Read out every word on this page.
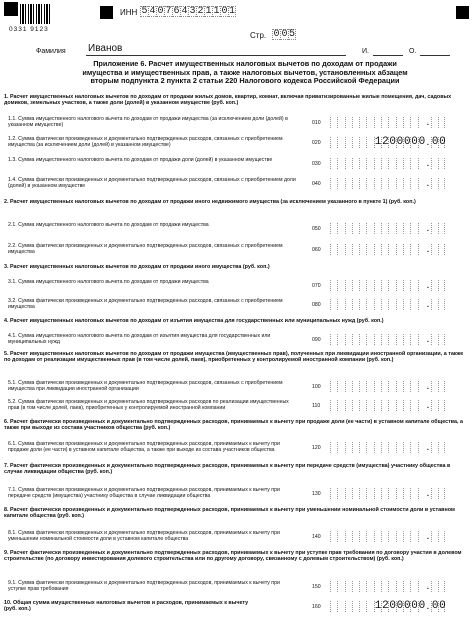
0331 9123
ИНН 5 4 0 7 6 4 3 2 1 1 0 1
Стр. 0 0 5
Фамилия Иванов	И.	О.
Приложение 6. Расчет имущественных налоговых вычетов по доходам от продажи
имущества и имущественных прав, а также налоговых вычетов, установленных абзацем
вторым подпункта 2 пункта 2 статьи 220 Налогового кодекса Российской Федерации
1. Расчет имущественных налоговых вычетов по доходам от продажи жилых домов, квартир, комнат, включая приватизированные жилые помещения, дач, садовых домиков, земельных участков, а также доли (долей) в указанном имуществе (руб. коп.)
1.1. Сумма имущественного налогового вычета по доходам от продажи имущества (за исключением доли (долей) в указанном имуществе)	010	.
1.2. Сумма фактически произведенных и документально подтвержденных расходов, связанных с приобретением имущества (за исключением доли (долей) в указанном имуществе)	020	1 2 0 0 0 0 0 . 0 0
1.3. Сумма имущественного налогового вычета по доходам от продажи доли (долей) в указанном имуществе
030	.
1.4. Сумма фактически произведенных и документально подтвержденных расходов, связанных с приобретением доли (долей) в указанном имуществе	040	.
2. Расчет имущественных налоговых вычетов по доходам от продажи иного недвижимого имущества (за исключением указанного в пункте 1) (руб. коп.)
2.1. Сумма имущественного налогового вычета по доходам от продажи имущества
050	.
2.2. Сумма фактически произведенных и документально подтвержденных расходов, связанных с приобретением имущества	060	.
3. Расчет имущественных налоговых вычетов по доходам от продажи иного имущества (руб. коп.)
3.1. Сумма имущественного налогового вычета по доходам от продажи имущества
070	.
3.2. Сумма фактически произведенных и документально подтвержденных расходов, связанных с приобретением имущества	080	.
4. Расчет имущественных налоговых вычетов по доходам от изъятия имущества для государственных или муниципальных нужд (руб. коп.)
4.1. Сумма имущественного налогового вычета по доходам от изъятия имущества для государственных или муниципальных нужд	090	.
5. Расчет имущественных налоговых вычетов по доходам от продажи имущества (имущественных прав), полученных при ликвидации иностранной организации, а также по доходам от реализации имущественных прав (в том числе долей, паев), приобретенных у контролируемой иностранной компании (руб. коп.)
5.1. Сумма фактически произведенных и документально подтвержденных расходов, связанных с приобретением имущества при ликвидации иностранной организации	100	.
5.2. Сумма фактически произведенных и документально подтвержденных расходов по реализации имущественных прав (в том числе долей, паев), приобретенных у контролируемой иностранной компании	110	.
6. Расчет фактически произведенных и документально подтвержденных расходов, принимаемых к вычету при продаже доли (ее части) в уставном капитале общества, а также при выходе из состава участников общества (руб. коп.)
6.1. Сумма фактически произведенных и документально подтвержденных расходов, принимаемых к вычету при продаже доли (ее части) в уставном капитале общества, а также при выходе из состава участников общества	120	.
7. Расчет фактически произведенных и документально подтвержденных расходов, принимаемых к вычету при передаче средств (имущества) участнику общества в случае ликвидации общества (руб. коп.)
7.1. Сумма фактически произведенных и документально подтвержденных расходов, принимаемых к вычету при передаче средств (имущества) участнику общества в случае ликвидации общества	130	.
8. Расчет фактически произведенных и документально подтвержденных расходов, принимаемых к вычету при уменьшении номинальной стоимости доли в уставном капитале общества (руб. коп.)
8.1. Сумма фактически произведенных и документально подтвержденных расходов, принимаемых к вычету при уменьшении номинальной стоимости доли в уставном капитале общества	140	.
9. Расчет фактически произведенных и документально подтвержденных расходов, принимаемых к вычету при уступке прав требования по договору участия в долевом строительстве (по договору инвестирования долевого строительства или по другому договору, связанному с долевым строительством) (руб. коп.)
9.1. Сумма фактически произведенных и документально подтвержденных расходов, принимаемых к вычету при уступке прав требования	150	.
10. Общая сумма имущественных налоговых вычетов и расходов, принимаемых к вычету (руб. коп.)	160	1 2 0 0 0 0 0 . 0 0
